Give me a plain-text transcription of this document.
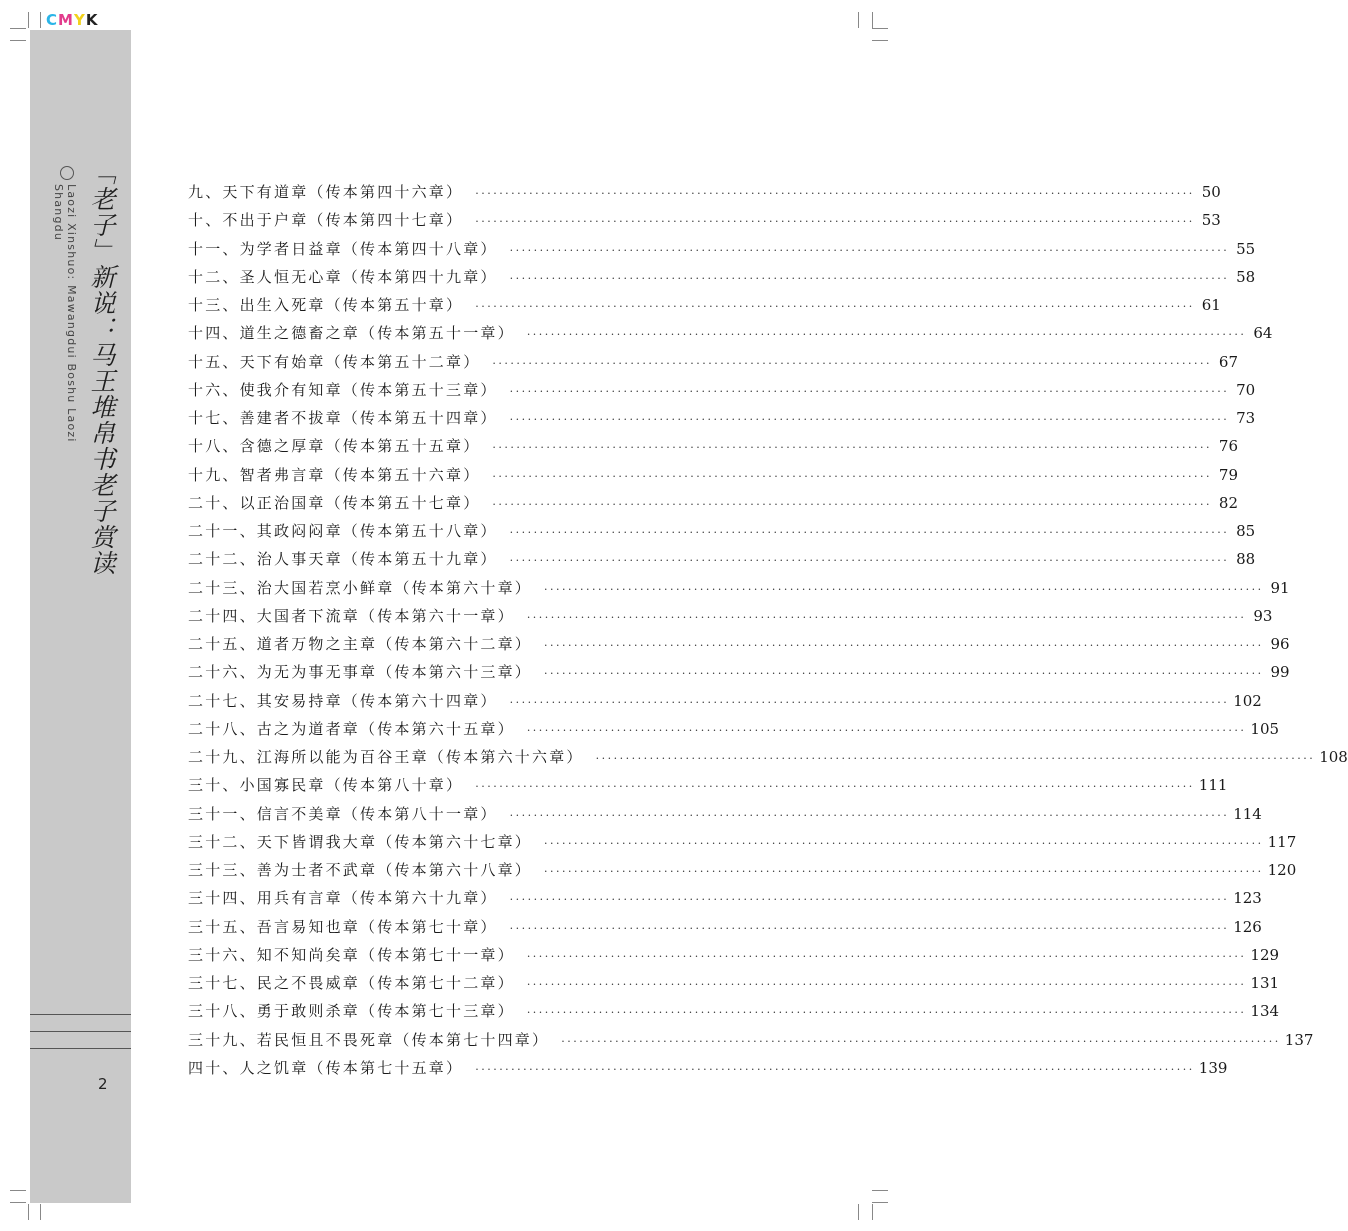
CMYK
「老子」新说：马王堆帛书老子赏读
Laozi Xinshuo: Mawangdui Boshu Laozi Shangdu
2
九、天下有道章（传本第四十六章） ························································································································ 50
十、不出于户章（传本第四十七章） ························································································································ 53
十一、为学者日益章（传本第四十八章） ························································································································ 55
十二、圣人恒无心章（传本第四十九章） ························································································································ 58
十三、出生入死章（传本第五十章） ························································································································ 61
十四、道生之德畜之章（传本第五十一章） ························································································································ 64
十五、天下有始章（传本第五十二章） ························································································································ 67
十六、使我介有知章（传本第五十三章） ························································································································ 70
十七、善建者不拔章（传本第五十四章） ························································································································ 73
十八、含德之厚章（传本第五十五章） ························································································································ 76
十九、智者弗言章（传本第五十六章） ························································································································ 79
二十、以正治国章（传本第五十七章） ························································································································ 82
二十一、其政闷闷章（传本第五十八章） ························································································································ 85
二十二、治人事天章（传本第五十九章） ························································································································ 88
二十三、治大国若烹小鲜章（传本第六十章） ························································································································ 91
二十四、大国者下流章（传本第六十一章） ························································································································ 93
二十五、道者万物之主章（传本第六十二章） ························································································································ 96
二十六、为无为事无事章（传本第六十三章） ························································································································ 99
二十七、其安易持章（传本第六十四章） ························································································································ 102
二十八、古之为道者章（传本第六十五章） ························································································································ 105
二十九、江海所以能为百谷王章（传本第六十六章） ························································································································ 108
三十、小国寡民章（传本第八十章） ························································································································ 111
三十一、信言不美章（传本第八十一章） ························································································································ 114
三十二、天下皆谓我大章（传本第六十七章） ························································································································ 117
三十三、善为士者不武章（传本第六十八章） ························································································································ 120
三十四、用兵有言章（传本第六十九章） ························································································································ 123
三十五、吾言易知也章（传本第七十章） ························································································································ 126
三十六、知不知尚矣章（传本第七十一章） ························································································································ 129
三十七、民之不畏威章（传本第七十二章） ························································································································ 131
三十八、勇于敢则杀章（传本第七十三章） ························································································································ 134
三十九、若民恒且不畏死章（传本第七十四章） ························································································································ 137
四十、人之饥章（传本第七十五章） ························································································································ 139
